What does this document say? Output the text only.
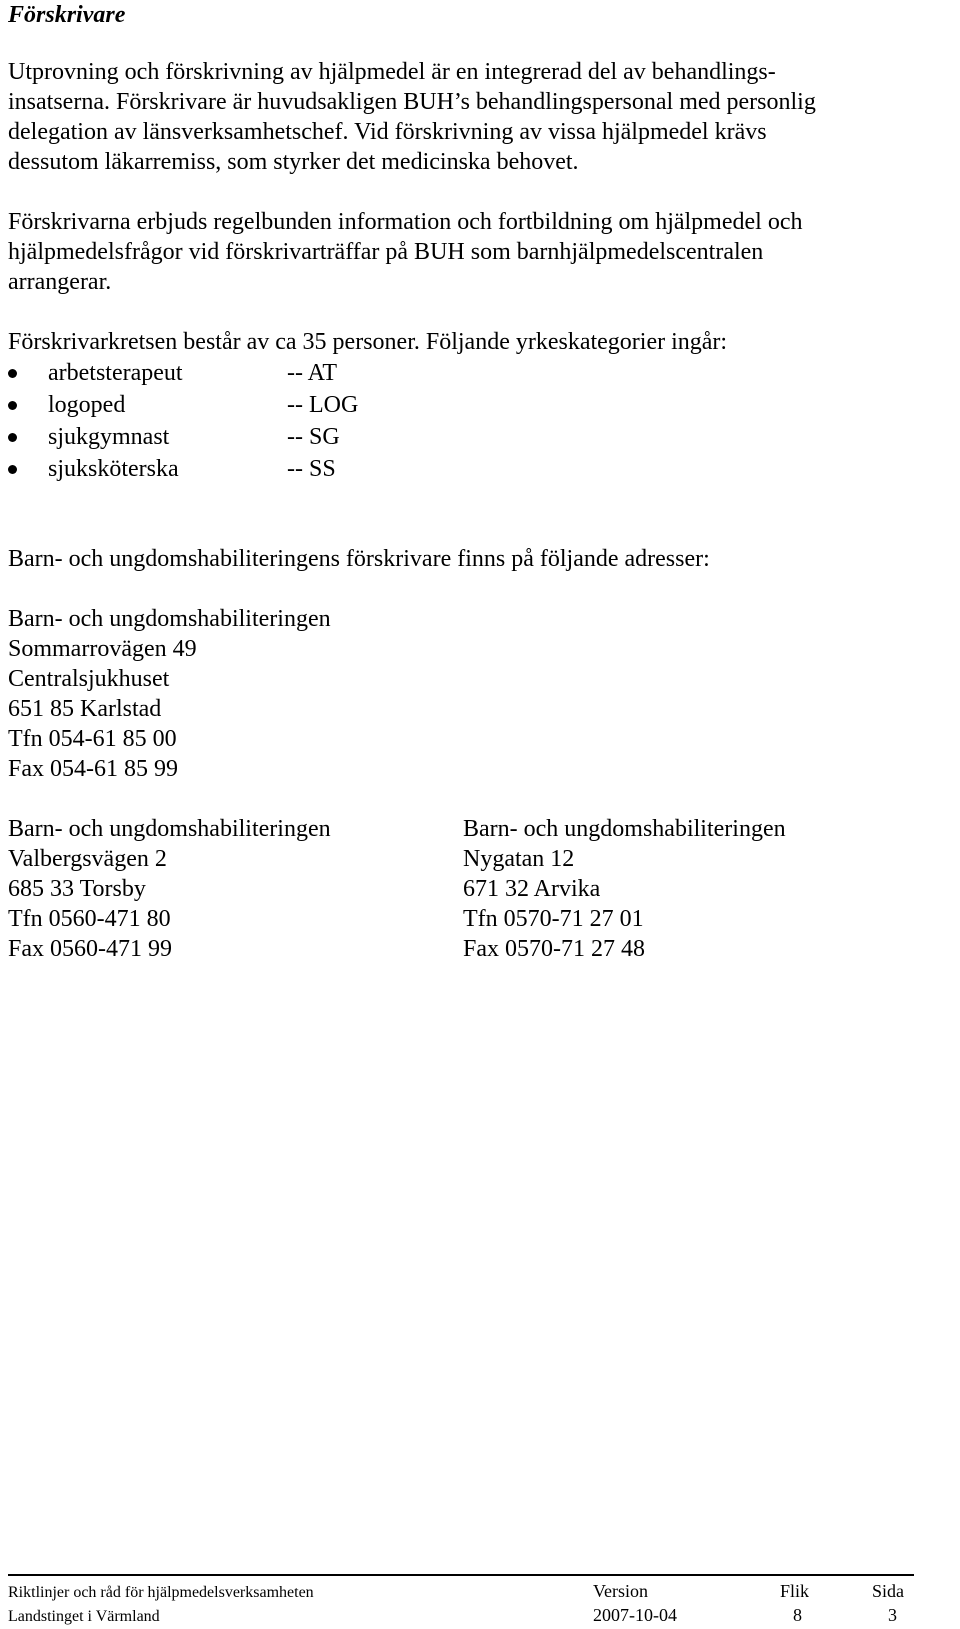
Förskrivare
Utprovning och förskrivning av hjälpmedel är en integrerad del av behandlings-
insatserna. Förskrivare är huvudsakligen BUH’s behandlingspersonal med personlig
delegation av länsverksamhetschef. Vid förskrivning av vissa hjälpmedel krävs
dessutom läkarremiss, som styrker det medicinska behovet.
Förskrivarna erbjuds regelbunden information och fortbildning om hjälpmedel och
hjälpmedelsfrågor vid förskrivarträffar på BUH som barnhjälpmedelscentralen
arrangerar.
Förskrivarkretsen består av ca 35 personer. Följande yrkeskategorier ingår:
arbetsterapeut	-- AT
logoped	-- LOG
sjukgymnast	-- SG
sjuksköterska	-- SS
Barn- och ungdomshabiliteringens förskrivare finns på följande adresser:
Barn- och ungdomshabiliteringen
Sommarrovägen 49
Centralsjukhuset
651 85 Karlstad
Tfn 054-61 85 00
Fax 054-61 85 99
Barn- och ungdomshabiliteringen
Valbergsvägen 2
685 33 Torsby
Tfn 0560-471 80
Fax 0560-471 99
Barn- och ungdomshabiliteringen
Nygatan 12
671 32 Arvika
Tfn 0570-71 27 01
Fax 0570-71 27 48
Riktlinjer och råd för hjälpmedelsverksamheten	Version	Flik	Sida
Landstinget i Värmland	2007-10-04	8	3
